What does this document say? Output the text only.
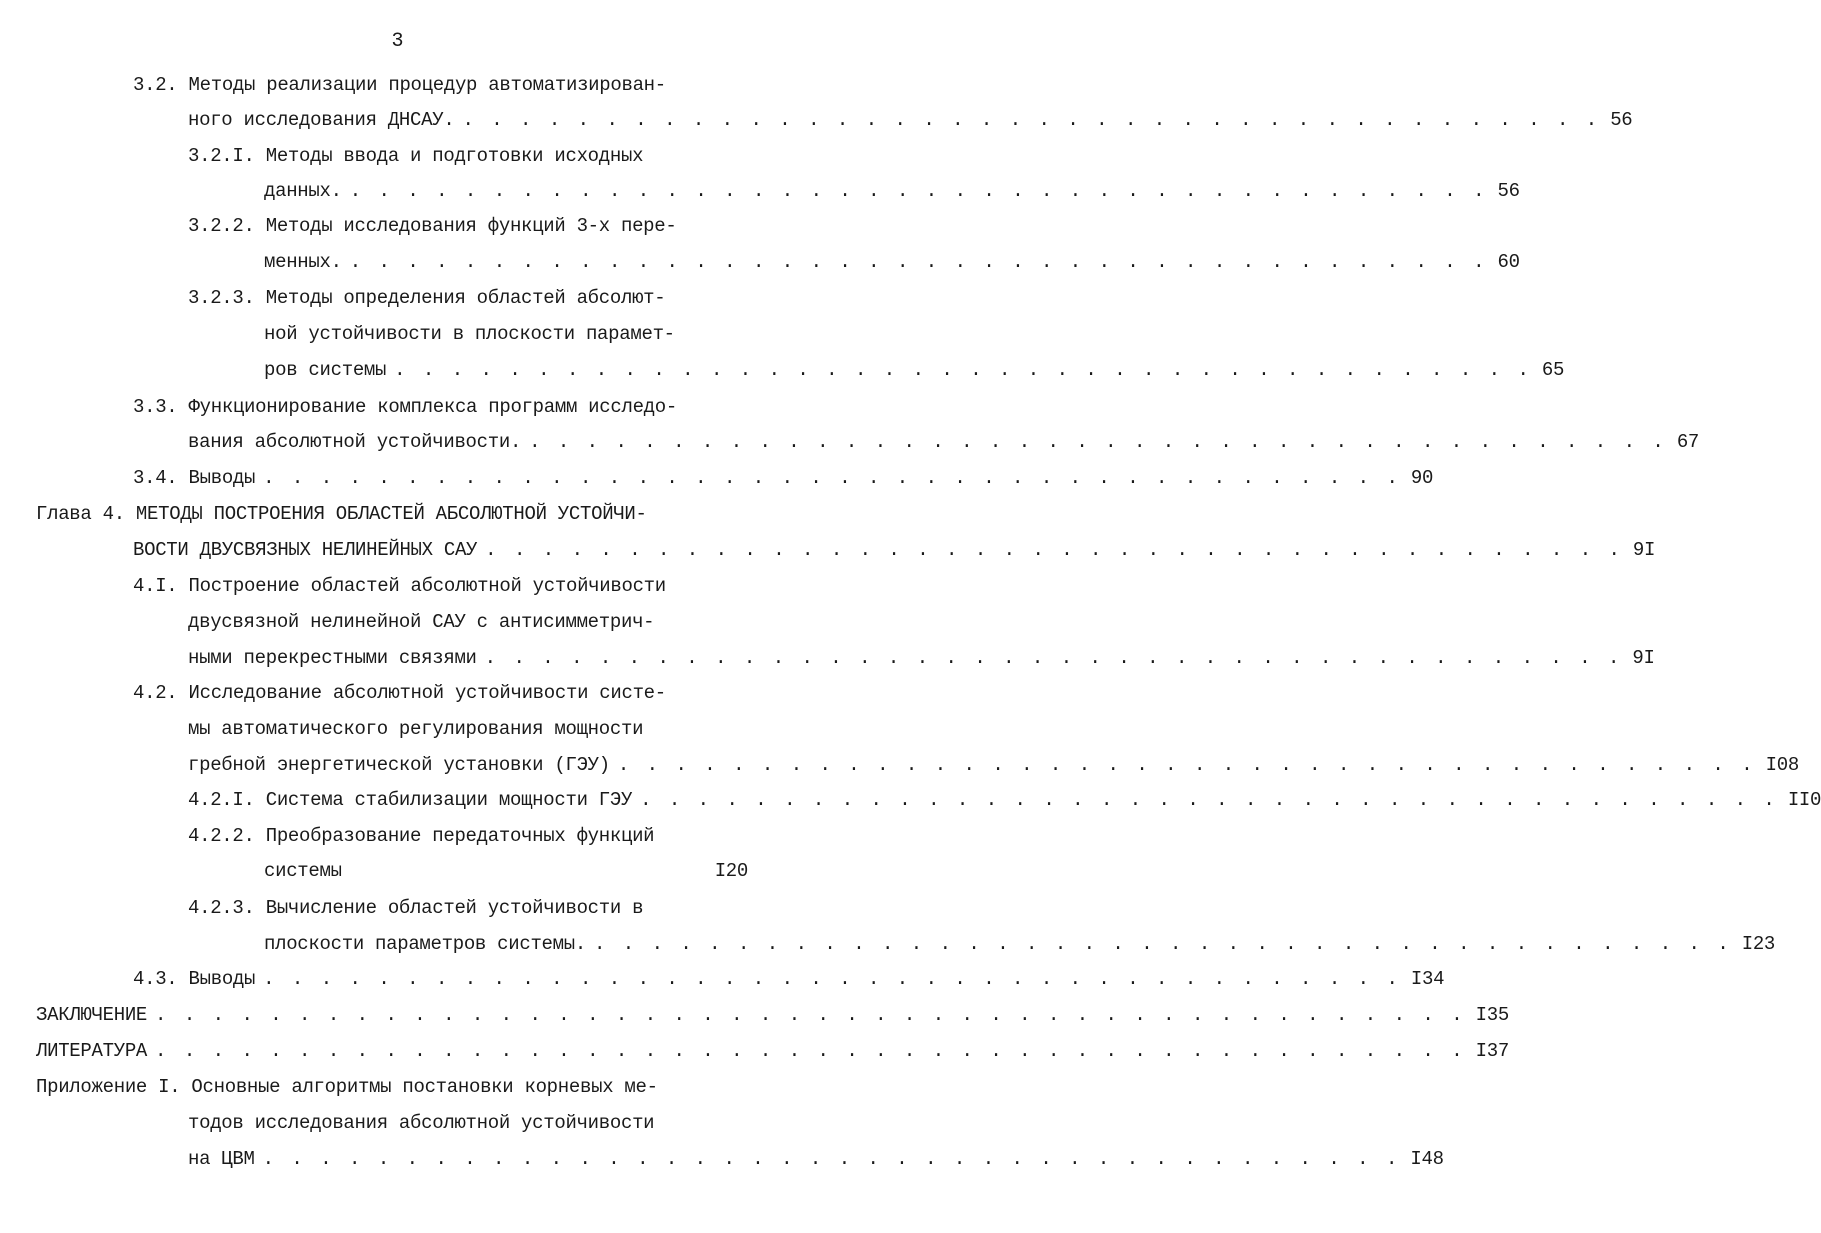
3
3.2. Методы реализации процедур автоматизирован-
ного исследования ДНСАУ. . . . . . . . . . . . . . . . . . . . . . . . . . . . . . . . . . . . . . . . . 56
3.2.I. Методы ввода и подготовки исходных
данных. . . . . . . . . . . . . . . . . . . . . . . . . . . . . . . . . . . . . . . . . 56
3.2.2. Методы исследования функций 3-х пере-
менных. . . . . . . . . . . . . . . . . . . . . . . . . . . . . . . . . . . . . . . . . 60
3.2.3. Методы определения областей абсолют-
ной устойчивости в плоскости парамет-
ров системы . . . . . . . . . . . . . . . . . . . . . . . . . . . . . . . . . . . . . . . . 65
3.3. Функционирование комплекса программ исследо-
вания абсолютной устойчивости. . . . . . . . . . . . . . . . . . . . . . . . . . . . . . . . . . . . . . . . . 67
3.4. Выводы . . . . . . . . . . . . . . . . . . . . . . . . . . . . . . . . . . . . . . . . 90
Глава 4. МЕТОДЫ ПОСТРОЕНИЯ ОБЛАСТЕЙ АБСОЛЮТНОЙ УСТОЙЧИ-
ВОСТИ ДВУСВЯЗНЫХ НЕЛИНЕЙНЫХ САУ . . . . . . . . . . . . . . . . . . . . . . . . . . . . . . . . . . . . . . . . 9I
4.I. Построение областей абсолютной устойчивости
двусвязной нелинейной САУ с антисимметрич-
ными перекрестными связями . . . . . . . . . . . . . . . . . . . . . . . . . . . . . . . . . . . . . . . . 9I
4.2. Исследование абсолютной устойчивости систе-
мы автоматического регулирования мощности
гребной энергетической установки (ГЭУ) . . . . . . . . . . . . . . . . . . . . . . . . . . . . . . . . . . . . . . . . I08
4.2.I. Система стабилизации мощности ГЭУ . . . . . . . . . . . . . . . . . . . . . . . . . . . . . . . . . . . . . . . . II0
4.2.2. Преобразование передаточных функций
системы	I20
4.2.3. Вычисление областей устойчивости в
плоскости параметров системы. . . . . . . . . . . . . . . . . . . . . . . . . . . . . . . . . . . . . . . . . I23
4.3. Выводы . . . . . . . . . . . . . . . . . . . . . . . . . . . . . . . . . . . . . . . . I34
ЗАКЛЮЧЕНИЕ . . . . . . . . . . . . . . . . . . . . . . . . . . . . . . . . . . . . . . . . . . . . . . I35
ЛИТЕРАТУРА . . . . . . . . . . . . . . . . . . . . . . . . . . . . . . . . . . . . . . . . . . . . . . I37
Приложение I. Основные алгоритмы постановки корневых ме-
тодов исследования абсолютной устойчивости
на ЦВМ . . . . . . . . . . . . . . . . . . . . . . . . . . . . . . . . . . . . . . . . I48
